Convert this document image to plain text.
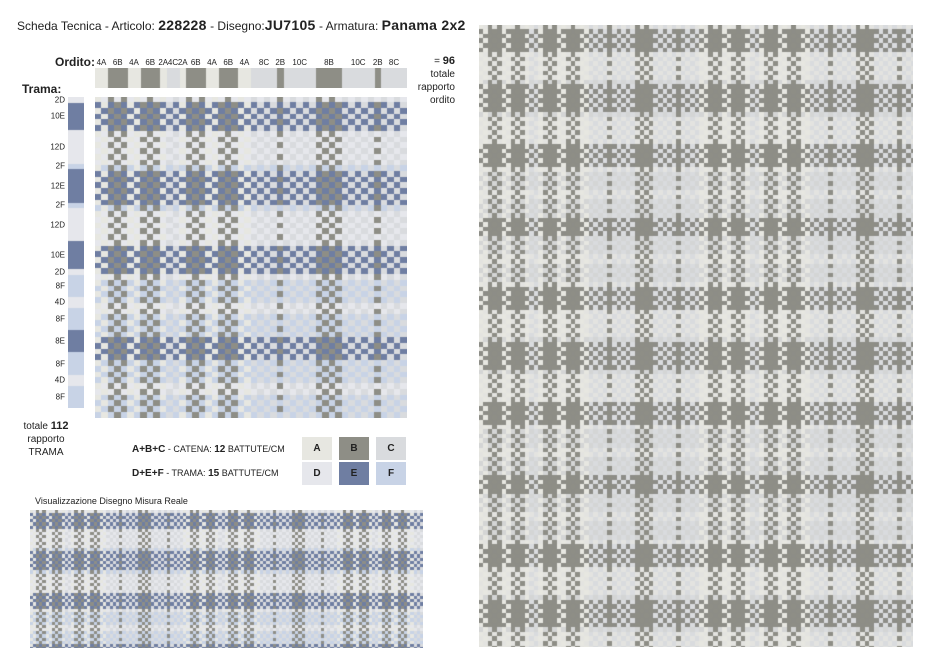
Scheda Tecnica - Articolo: 228228 - Disegno:JU7105 - Armatura: Panama 2x2
Ordito: 4A 6B 4A 6B 2A 4C 2A 6B 4A 6B 4A 8C 2B 10C 8B 10C 2B 8C	= 96 totale
rapporto
ordito
Trama:
2D
10E
12D
2F
12E
2F
12D
10E
2D
8F
4D
8F
8E
8F
4D
8F
totale 112
rapporto
TRAMA	A+B+C - CATENA: 12 BATTUTE/CM
D+E+F - TRAMA: 15 BATTUTE/CM
A	B	C
D	E	F
Visualizzazione Disegno Misura Reale
